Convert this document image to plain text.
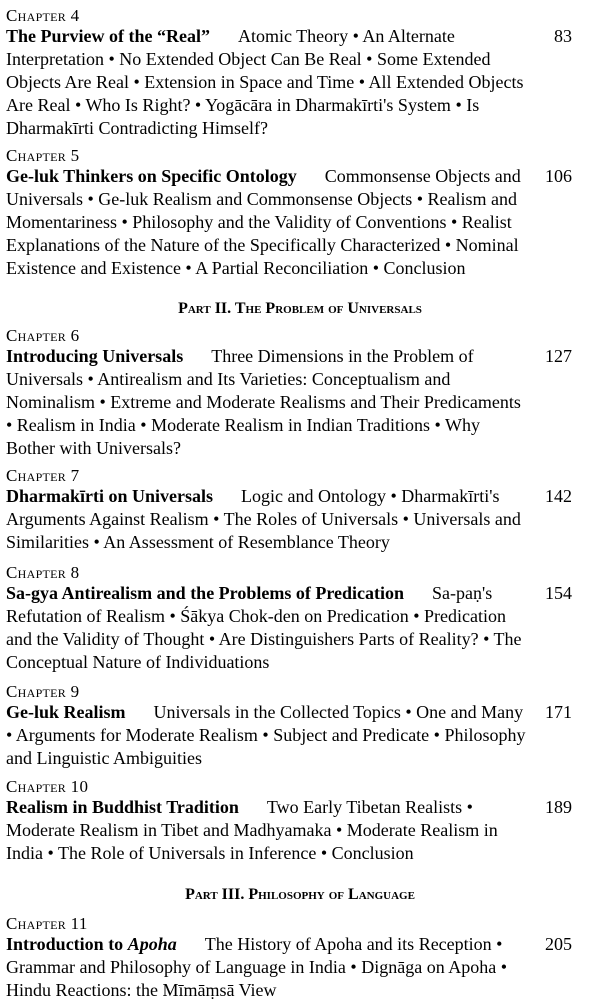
Chapter 4
The Purview of the “Real” Atomic Theory • An Alternate Interpretation • No Extended Object Can Be Real • Some Extended Objects Are Real • Extension in Space and Time • All Extended Objects Are Real • Who Is Right? • Yogācāra in Dharmakīrti's System • Is Dharmakīrti Contradicting Himself?
83
Chapter 5
Ge-luk Thinkers on Specific Ontology Commonsense Objects and Universals • Ge-luk Realism and Commonsense Objects • Realism and Momentariness • Philosophy and the Validity of Conventions • Realist Explanations of the Nature of the Specifically Characterized • Nominal Existence and Existence • A Partial Reconciliation • Conclusion
106
Part II. The Problem of Universals
Chapter 6
Introducing Universals Three Dimensions in the Problem of Universals • Antirealism and Its Varieties: Conceptualism and Nominalism • Extreme and Moderate Realisms and Their Predicaments • Realism in India • Moderate Realism in Indian Traditions • Why Bother with Universals?
127
Chapter 7
Dharmakīrti on Universals Logic and Ontology • Dharmakīrti's Arguments Against Realism • The Roles of Universals • Universals and Similarities • An Assessment of Resemblance Theory
142
Chapter 8
Sa-gya Antirealism and the Problems of Predication Sa-paṇ's Refutation of Realism • Śākya Chok-den on Predication • Predication and the Validity of Thought • Are Distinguishers Parts of Reality? • The Conceptual Nature of Individuations
154
Chapter 9
Ge-luk Realism Universals in the Collected Topics • One and Many • Arguments for Moderate Realism • Subject and Predicate • Philosophy and Linguistic Ambiguities
171
Chapter 10
Realism in Buddhist Tradition Two Early Tibetan Realists • Moderate Realism in Tibet and Madhyamaka • Moderate Realism in India • The Role of Universals in Inference • Conclusion
189
Part III. Philosophy of Language
Chapter 11
Introduction to Apoha The History of Apoha and its Reception • Grammar and Philosophy of Language in India • Dignāga on Apoha • Hindu Reactions: the Mīmāṃsā View
205
